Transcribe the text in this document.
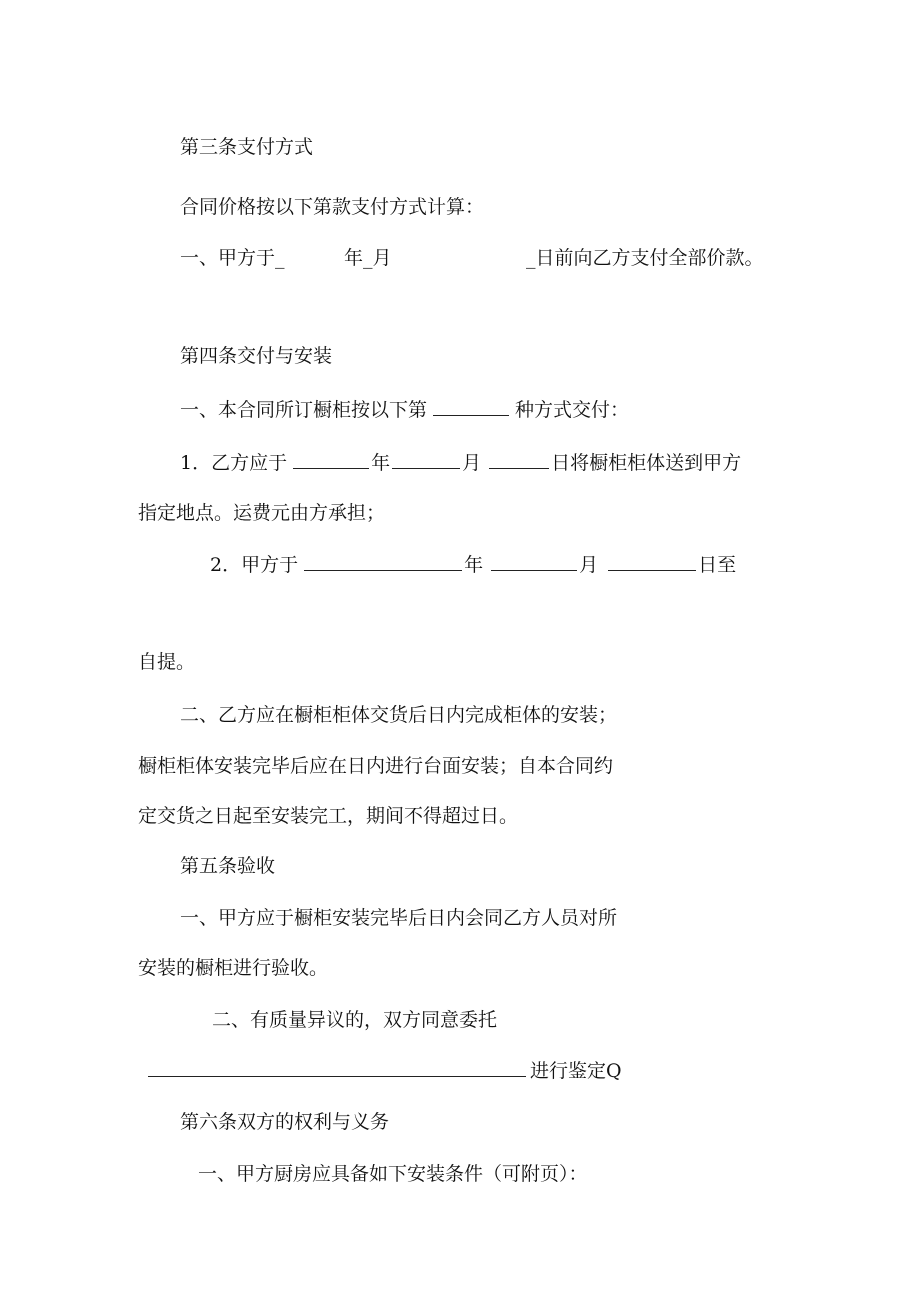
第三条支付方式
合同价格按以下第款支付方式计算：
一、甲方于_	年_月	_日前向乙方支付全部价款。
第四条交付与安装
一、本合同所订橱柜按以下第	种方式交付：
1．乙方应于	年	月	日将橱柜柜体送到甲方
指定地点。运费元由方承担；
2．甲方于	年	月	日至
自提。
二、乙方应在橱柜柜体交货后日内完成柜体的安装；
橱柜柜体安装完毕后应在日内进行台面安装；自本合同约
定交货之日起至安装完工，期间不得超过日。
第五条验收
一、甲方应于橱柜安装完毕后日内会同乙方人员对所
安装的橱柜进行验收。
二、有质量异议的，双方同意委托
进行鉴定Q
第六条双方的权利与义务
一、甲方厨房应具备如下安装条件（可附页）：
